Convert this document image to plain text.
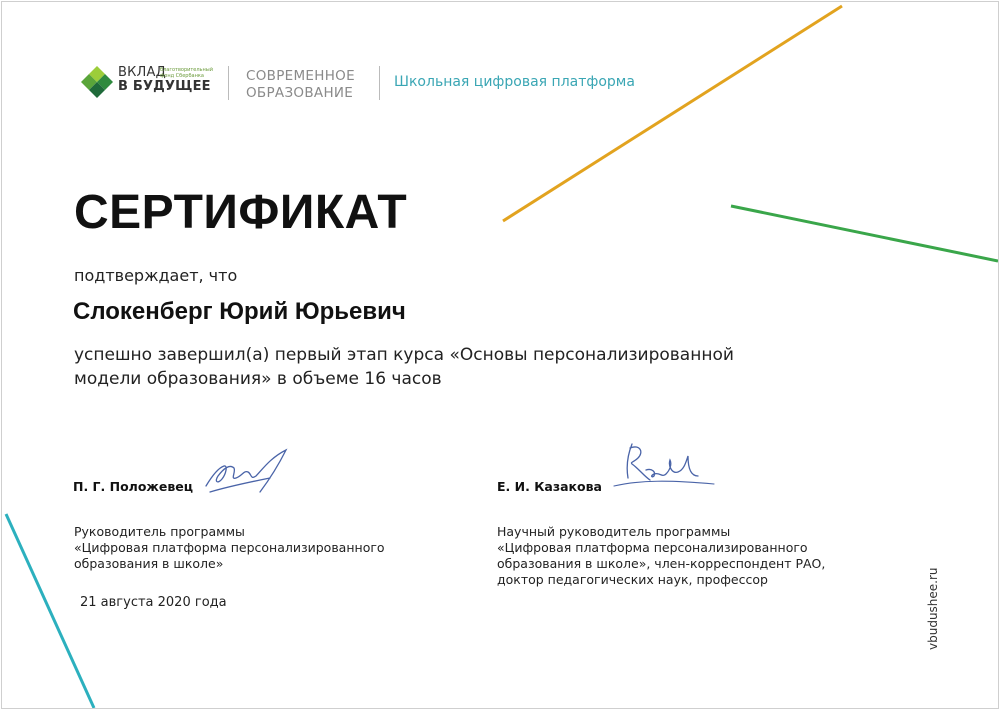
ВКЛАД
В БУДУЩЕЕ
благотворительный
фонд Сбербанка	СОВРЕМЕННОЕ
ОБРАЗОВАНИЕ
Школьная цифровая платформа
СЕРТИФИКАТ
подтверждает, что
Слокенберг Юрий Юрьевич
успешно завершил(а) первый этап курса «Основы персонализированной
модели образования» в объеме 16 часов
П. Г. Положевец
Руководитель программы
«Цифровая платформа персонализированного
образования в школе»
21 августа 2020 года
Е. И. Казакова
Научный руководитель программы
«Цифровая платформа персонализированного
образования в школе», член-корреспондент РАО,
доктор педагогических наук, профессор	vbudushee.ru
